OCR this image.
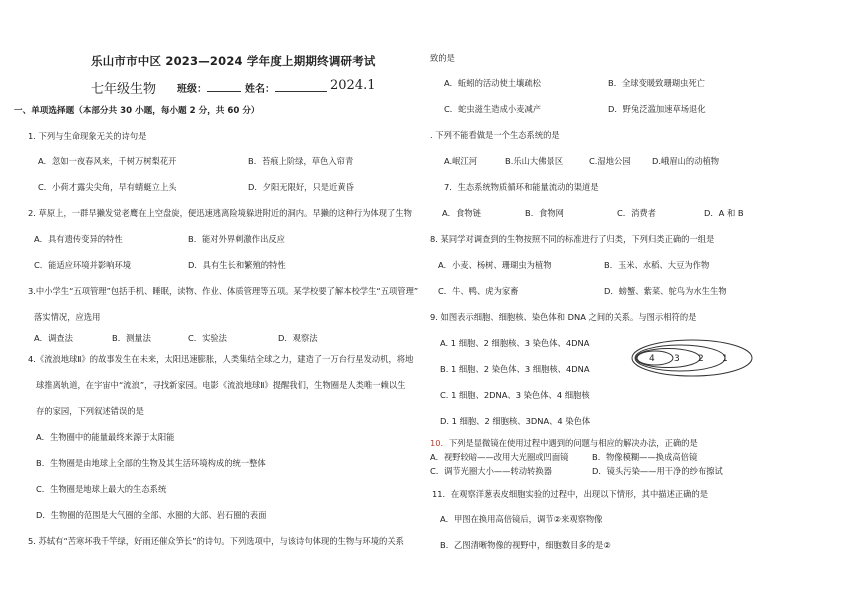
乐山市市中区 2023—2024 学年度上期期终调研考试
七年级生物 班级：	姓名：	2024.1
一、单项选择题（本部分共 30 小题，每小题 2 分，共 60 分）
1. 下列与生命现象无关的诗句是
A．忽如一夜春风来，千树万树梨花开	B．苔痕上阶绿，草色入帘青
C．小荷才露尖尖角，早有蜻蜓立上头	D．夕阳无限好，只是近黄昏
2. 草原上，一群早獭发觉老鹰在上空盘旋，便迅速逃离险境躲进附近的洞内。早獭的这种行为体现了生物
A．具有遗传变异的特性	B．能对外界刺激作出反应
C．能适应环境并影响环境	D．具有生长和繁殖的特性
3.中小学生“五项管理”包括手机、睡眠，读物、作业、体质管理等五项。某学校要了解本校学生“五项管理”
落实情况，应选用
A．调查法	B．测量法	C．实验法	D．观察法
4.《流浪地球Ⅱ》的故事发生在未来，太阳迅速膨胀，人类集结全球之力，建造了一万台行星发动机，将地
球推离轨道，在宇宙中“流浪”，寻找新家园。电影《流浪地球Ⅱ》提醒我们，生物圈是人类唯一赖以生
存的家园，下列叙述错误的是
A．生物圈中的能量最终来源于太阳能
B．生物圈是由地球上全部的生物及其生活环境构成的统一整体
C．生物圈是地球上最大的生态系统
D．生物圈的范围是大气圈的全部、水圈的大部、岩石圈的表面
5. 苏轼有“苦寒坏我千竿绿，好雨还催众笋长”的诗句。下列选项中，与该诗句体现的生物与环境的关系
致的是
A．蚯蚓的活动使土壤疏松	B．全球变暖致珊瑚虫死亡
C．蛇虫滋生造成小麦减产	D．野兔泛滥加速草场退化
. 下列不能看做是一个生态系统的是
A.岷江河	B.乐山大佛景区	C.湿地公园	D.峨眉山的动植物
7．生态系统物质循环和能量流动的渠道是
A．食物链	B．食物网	C．消费者	D．A 和 B
8. 某同学对调查到的生物按照不同的标准进行了归类，下列归类正确的一组是
A．小麦、杨树、珊瑚虫为植物	B．玉米、水稻、大豆为作物
C．牛、鸭、虎为家畜	D．螃蟹、紫菜、鸵鸟为水生生物
9. 如图表示细胞、细胞核、染色体和 DNA 之间的关系。与图示相符的是
A. 1 细胞、2 细胞核、3 染色体、4DNA
B. 1 细胞、2 染色体、3 细胞核、4DNA
C. 1 细胞、2DNA、3 染色体、4 细胞核
D. 1 细胞、2 细胞核、3DNA、4 染色体
4 3 2 1
10．下列是显微镜在使用过程中遇到的问题与相应的解决办法，正确的是
A．视野较暗——改用大光圈或凹面镜	B．物像模糊——换成高倍镜
C．调节光圈大小——转动转换器	D．镜头污染——用干净的纱布擦试
11．在观察洋葱表皮细胞实验的过程中，出现以下情形，其中描述正确的是
A．甲图在换用高倍镜后，调节②来观察物像
B．乙图清晰物像的视野中，细胞数目多的是②
